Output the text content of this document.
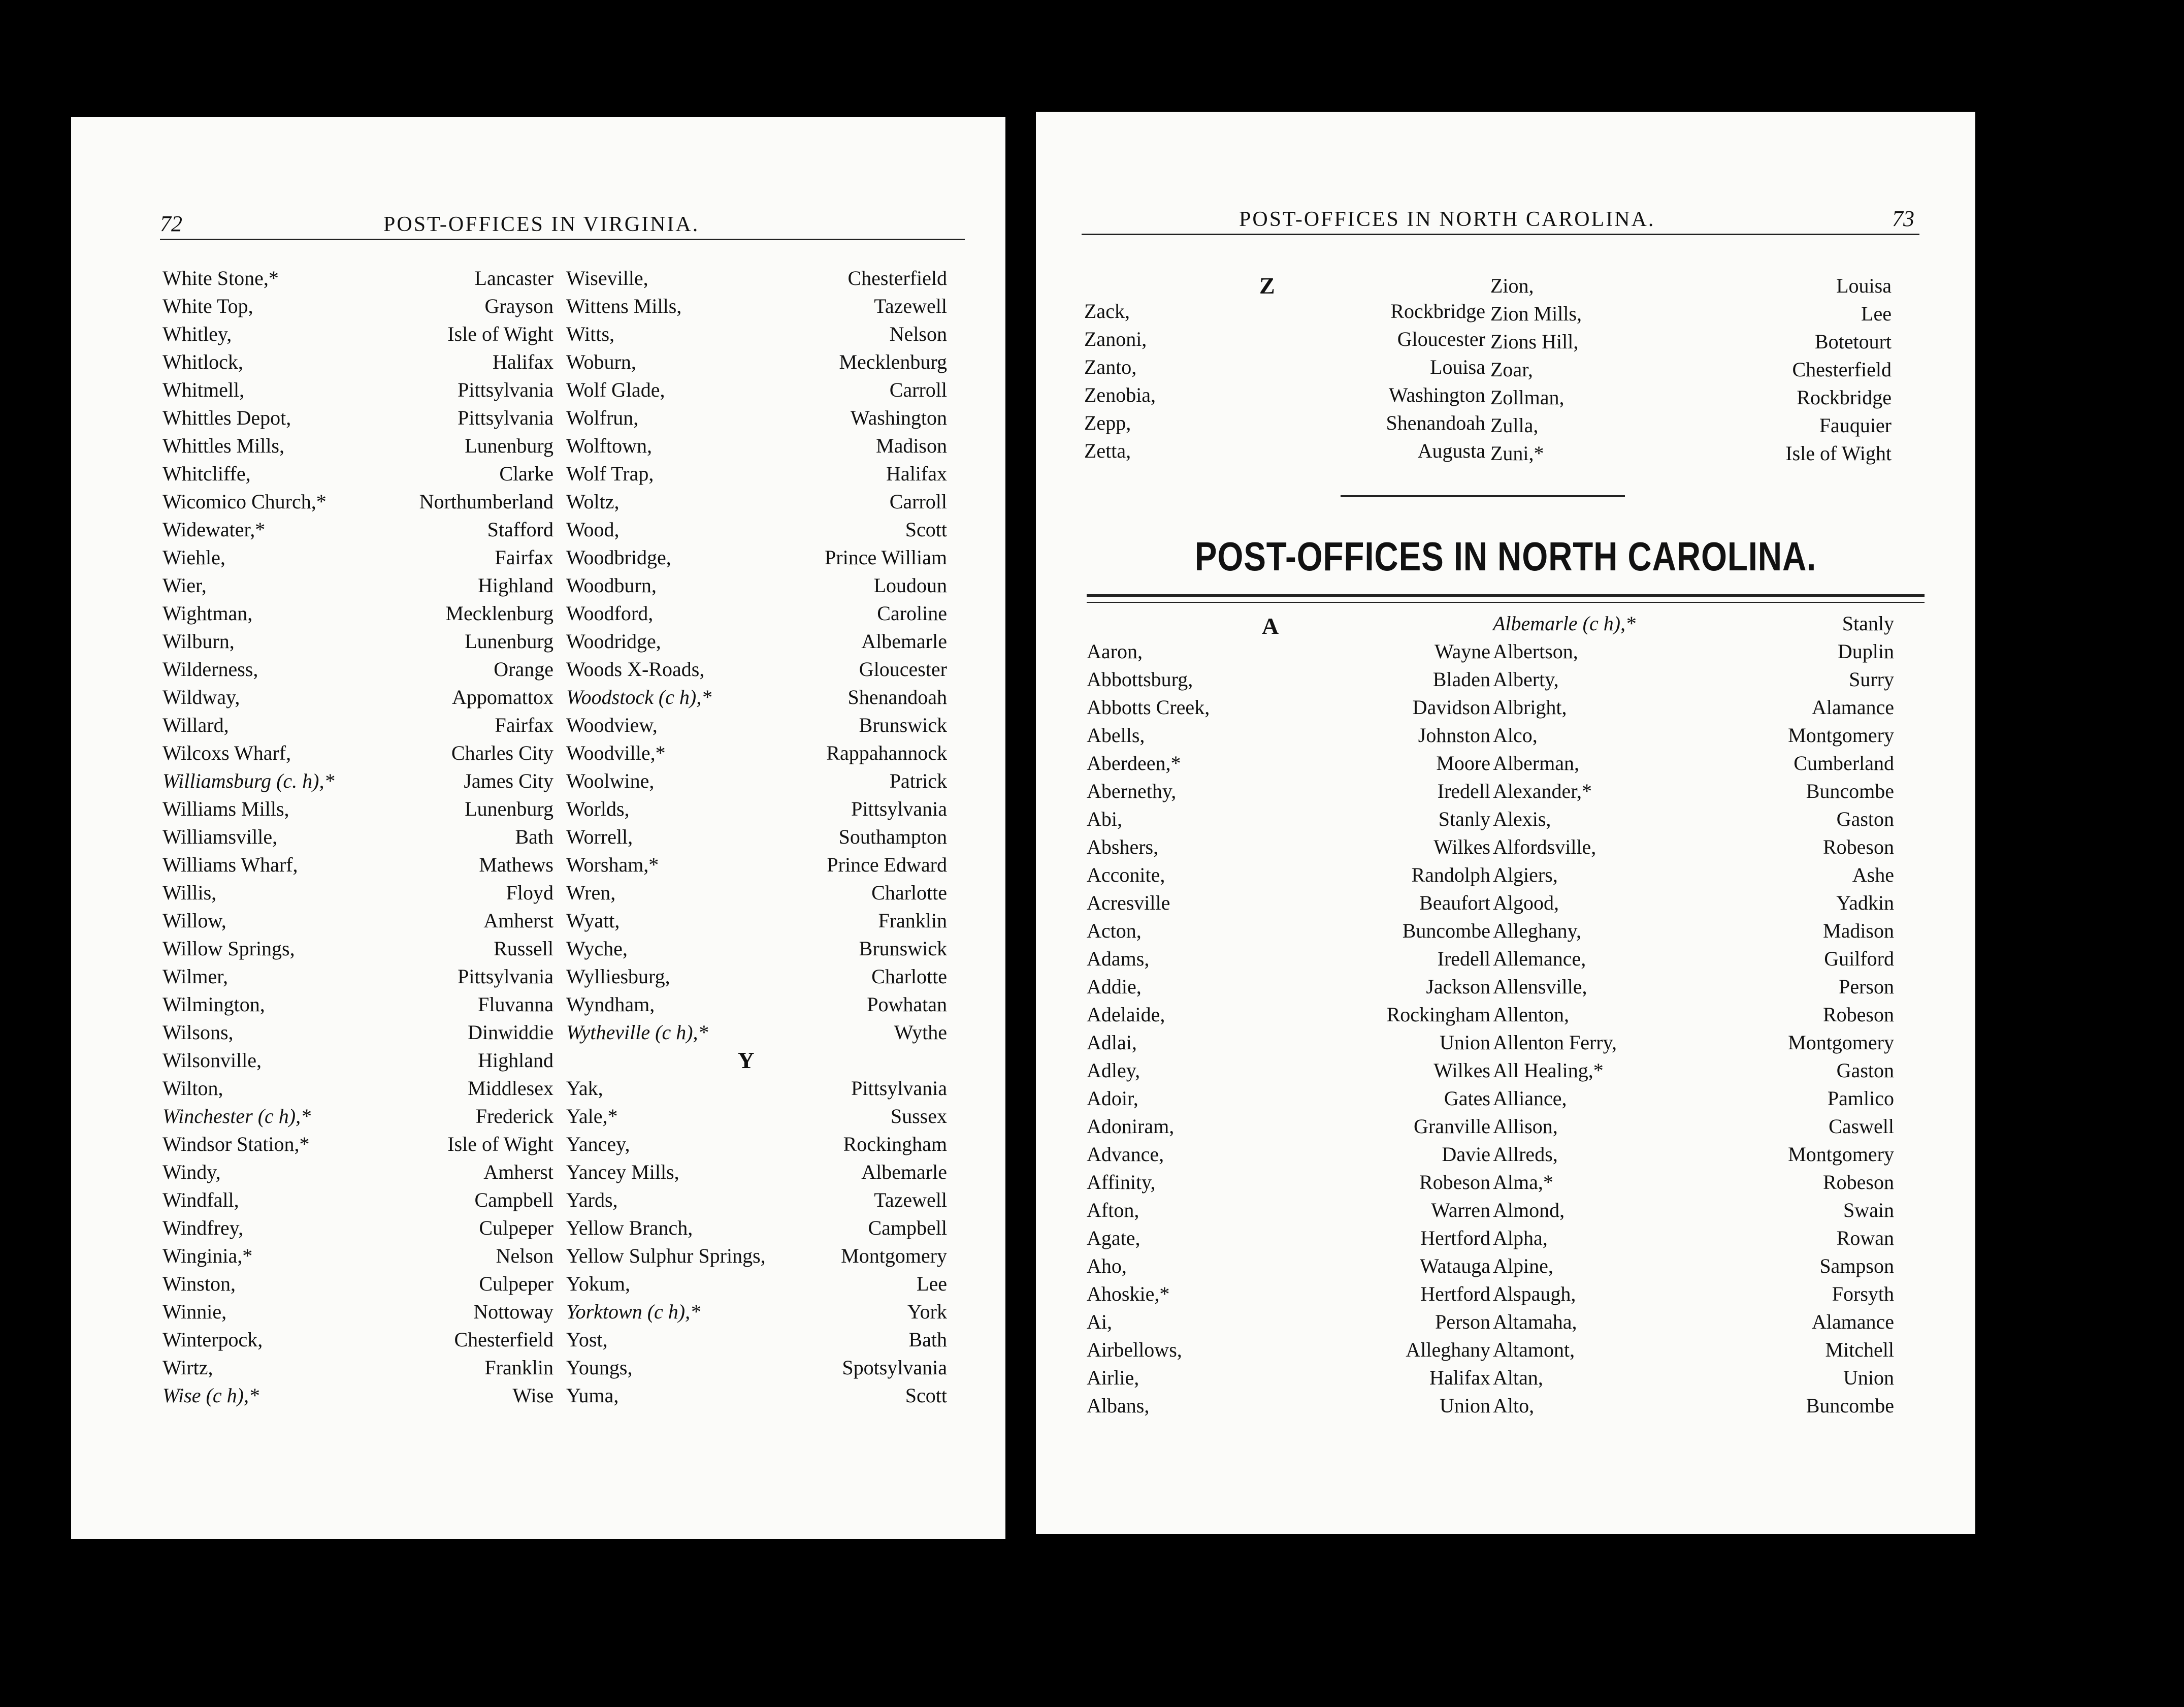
72	POST-OFFICES IN VIRGINIA.
White Stone,*	Lancaster
White Top,	Grayson
Whitley,	Isle of Wight
Whitlock,	Halifax
Whitmell,	Pittsylvania
Whittles Depot,	Pittsylvania
Whittles Mills,	Lunenburg
Whitcliffe,	Clarke
Wicomico Church,*	Northumberland
Widewater,*	Stafford
Wiehle,	Fairfax
Wier,	Highland
Wightman,	Mecklenburg
Wilburn,	Lunenburg
Wilderness,	Orange
Wildway,	Appomattox
Willard,	Fairfax
Wilcoxs Wharf,	Charles City
Williamsburg (c. h),*	James City
Williams Mills,	Lunenburg
Williamsville,	Bath
Williams Wharf,	Mathews
Willis,	Floyd
Willow,	Amherst
Willow Springs,	Russell
Wilmer,	Pittsylvania
Wilmington,	Fluvanna
Wilsons,	Dinwiddie
Wilsonville,	Highland
Wilton,	Middlesex
Winchester (c h),*	Frederick
Windsor Station,*	Isle of Wight
Windy,	Amherst
Windfall,	Campbell
Windfrey,	Culpeper
Winginia,*	Nelson
Winston,	Culpeper
Winnie,	Nottoway
Winterpock,	Chesterfield
Wirtz,	Franklin
Wise (c h),*	Wise
Wiseville,	Chesterfield
Wittens Mills,	Tazewell
Witts,	Nelson
Woburn,	Mecklenburg
Wolf Glade,	Carroll
Wolfrun,	Washington
Wolftown,	Madison
Wolf Trap,	Halifax
Woltz,	Carroll
Wood,	Scott
Woodbridge,	Prince William
Woodburn,	Loudoun
Woodford,	Caroline
Woodridge,	Albemarle
Woods X-Roads,	Gloucester
Woodstock (c h),*	Shenandoah
Woodview,	Brunswick
Woodville,*	Rappahannock
Woolwine,	Patrick
Worlds,	Pittsylvania
Worrell,	Southampton
Worsham,*	Prince Edward
Wren,	Charlotte
Wyatt,	Franklin
Wyche,	Brunswick
Wylliesburg,	Charlotte
Wyndham,	Powhatan
Wytheville (c h),*	Wythe
Y
Yak,	Pittsylvania
Yale,*	Sussex
Yancey,	Rockingham
Yancey Mills,	Albemarle
Yards,	Tazewell
Yellow Branch,	Campbell
Yellow Sulphur Springs,	Montgomery
Yokum,	Lee
Yorktown (c h),*	York
Yost,	Bath
Youngs,	Spotsylvania
Yuma,	Scott
POST-OFFICES IN NORTH CAROLINA.	73
Z
Zack,	Rockbridge
Zanoni,	Gloucester
Zanto,	Louisa
Zenobia,	Washington
Zepp,	Shenandoah
Zetta,	Augusta
Zion,	Louisa
Zion Mills,	Lee
Zions Hill,	Botetourt
Zoar,	Chesterfield
Zollman,	Rockbridge
Zulla,	Fauquier
Zuni,*	Isle of Wight
POST-OFFICES IN NORTH CAROLINA.
A
Aaron,	Wayne
Abbottsburg,	Bladen
Abbotts Creek,	Davidson
Abells,	Johnston
Aberdeen,*	Moore
Abernethy,	Iredell
Abi,	Stanly
Abshers,	Wilkes
Acconite,	Randolph
Acresville	Beaufort
Acton,	Buncombe
Adams,	Iredell
Addie,	Jackson
Adelaide,	Rockingham
Adlai,	Union
Adley,	Wilkes
Adoir,	Gates
Adoniram,	Granville
Advance,	Davie
Affinity,	Robeson
Afton,	Warren
Agate,	Hertford
Aho,	Watauga
Ahoskie,*	Hertford
Ai,	Person
Airbellows,	Alleghany
Airlie,	Halifax
Albans,	Union
Albemarle (c h),*	Stanly
Albertson,	Duplin
Alberty,	Surry
Albright,	Alamance
Alco,	Montgomery
Alberman,	Cumberland
Alexander,*	Buncombe
Alexis,	Gaston
Alfordsville,	Robeson
Algiers,	Ashe
Algood,	Yadkin
Alleghany,	Madison
Allemance,	Guilford
Allensville,	Person
Allenton,	Robeson
Allenton Ferry,	Montgomery
All Healing,*	Gaston
Alliance,	Pamlico
Allison,	Caswell
Allreds,	Montgomery
Alma,*	Robeson
Almond,	Swain
Alpha,	Rowan
Alpine,	Sampson
Alspaugh,	Forsyth
Altamaha,	Alamance
Altamont,	Mitchell
Altan,	Union
Alto,	Buncombe
